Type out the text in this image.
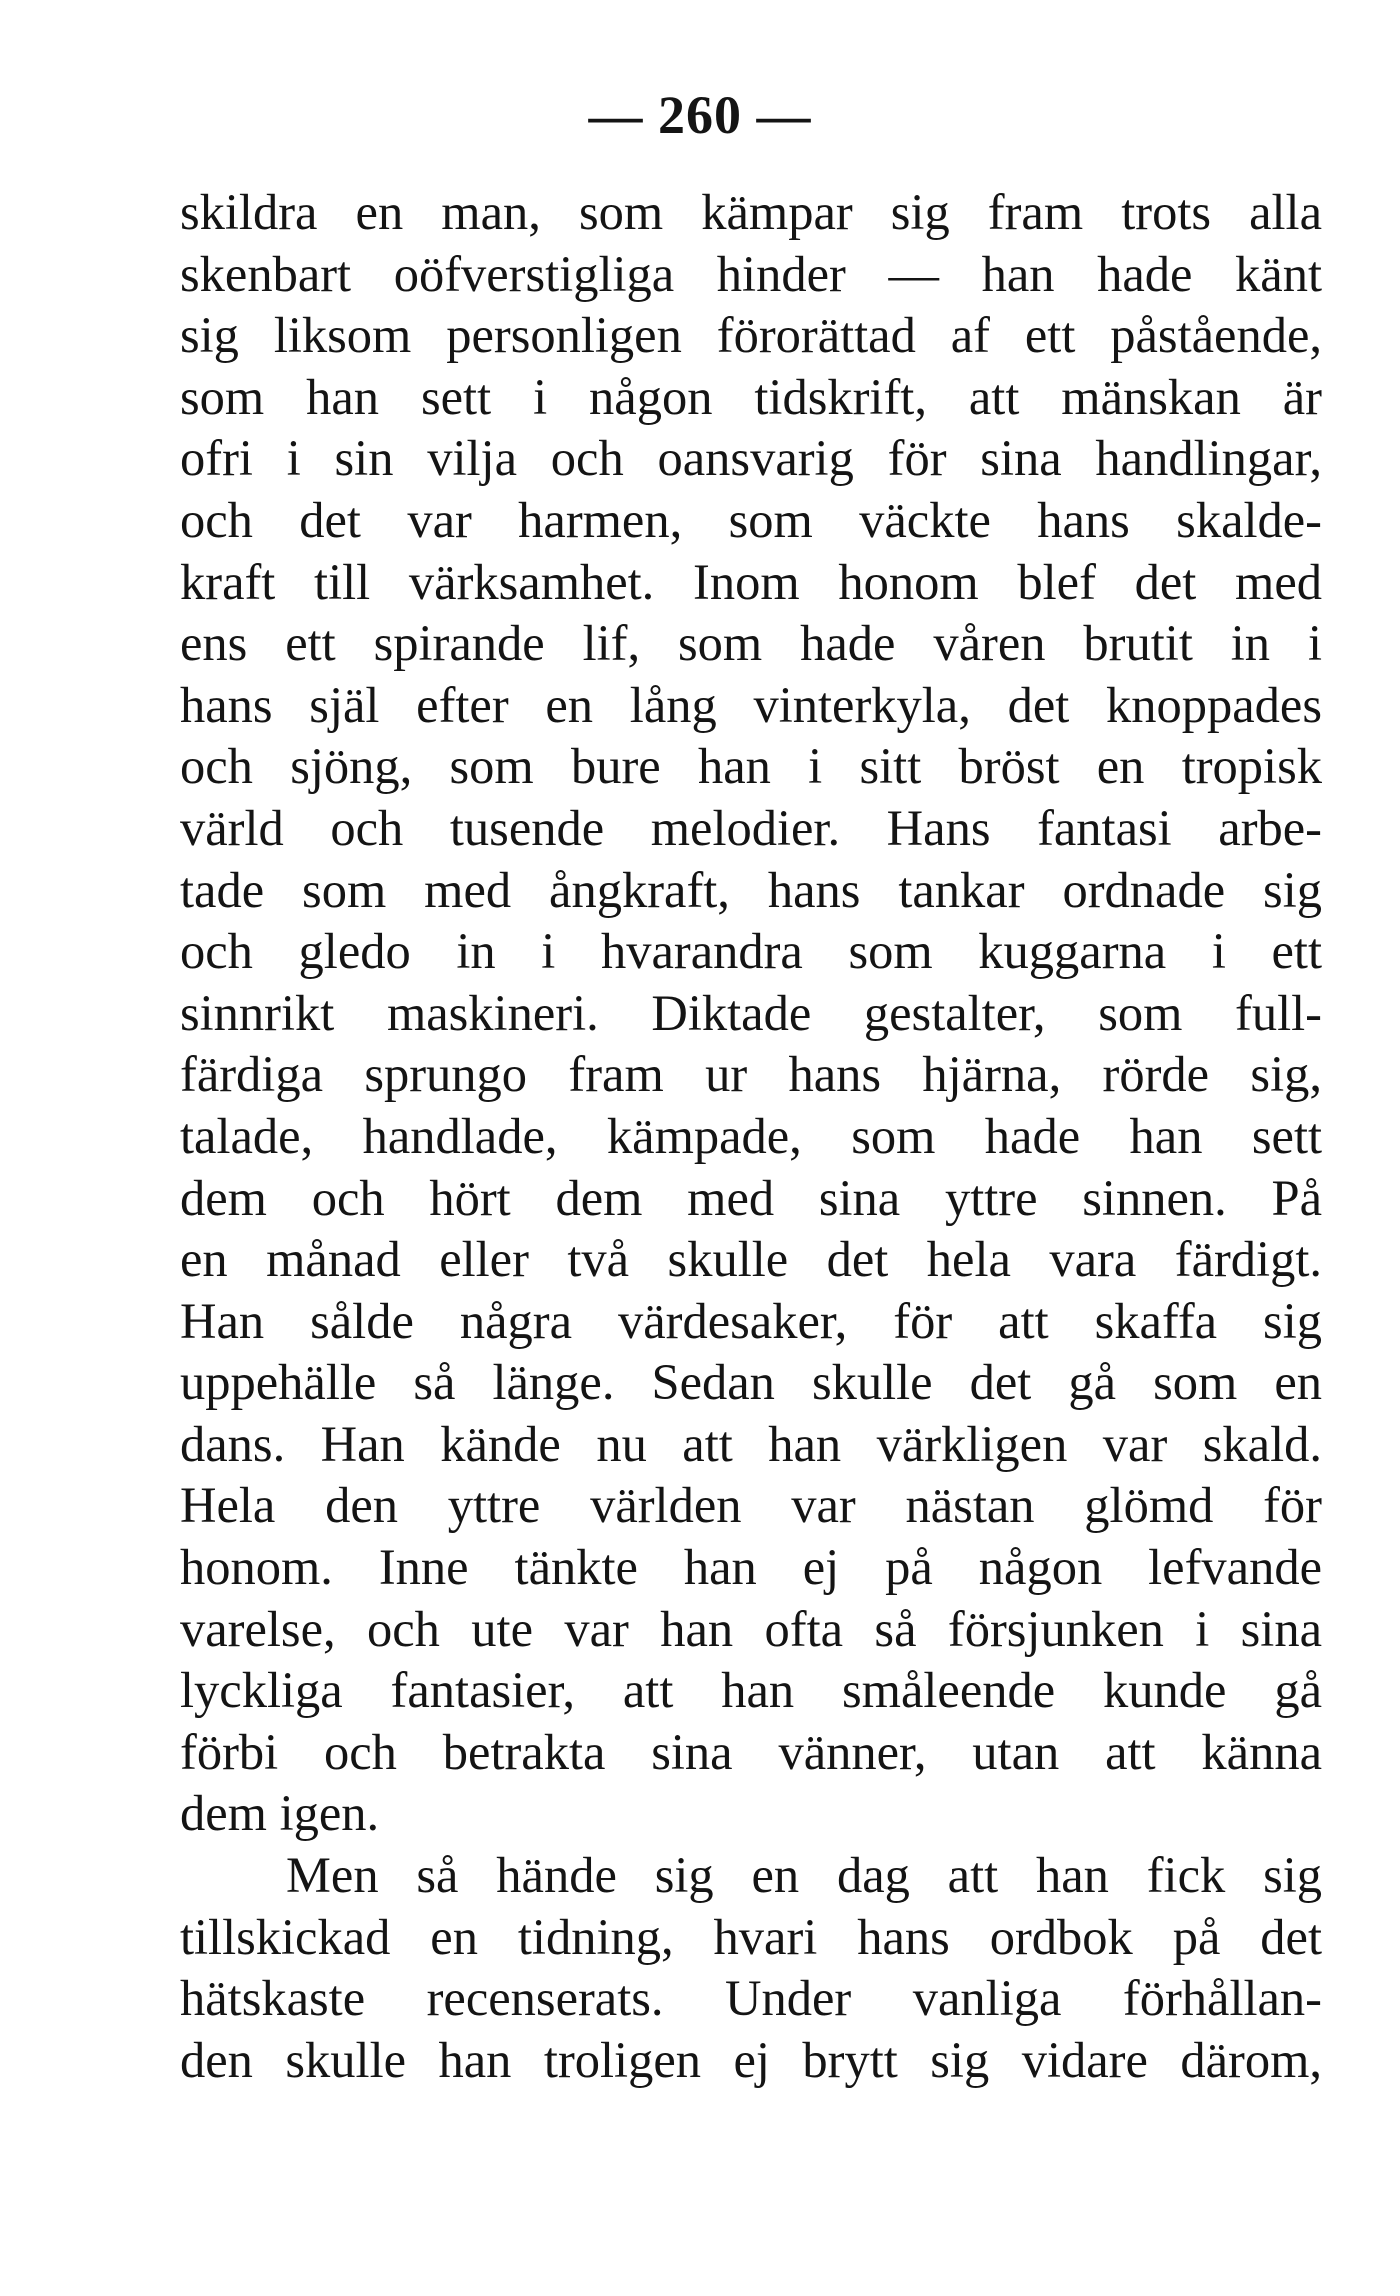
— 260 —
skildra en man, som kämpar sig fram trots alla
skenbart oöfverstigliga hinder — han hade känt
sig liksom personligen förorättad af ett påstående,
som han sett i någon tidskrift, att mänskan är
ofri i sin vilja och oansvarig för sina handlingar,
och det var harmen, som väckte hans skalde-
kraft till värksamhet. Inom honom blef det med
ens ett spirande lif, som hade våren brutit in i
hans själ efter en lång vinterkyla, det knoppades
och sjöng, som bure han i sitt bröst en tropisk
värld och tusende melodier. Hans fantasi arbe-
tade som med ångkraft, hans tankar ordnade sig
och gledo in i hvarandra som kuggarna i ett
sinnrikt maskineri. Diktade gestalter, som full-
färdiga sprungo fram ur hans hjärna, rörde sig,
talade, handlade, kämpade, som hade han sett
dem och hört dem med sina yttre sinnen. På
en månad eller två skulle det hela vara färdigt.
Han sålde några värdesaker, för att skaffa sig
uppehälle så länge. Sedan skulle det gå som en
dans. Han kände nu att han värkligen var skald.
Hela den yttre världen var nästan glömd för
honom. Inne tänkte han ej på någon lefvande
varelse, och ute var han ofta så försjunken i sina
lyckliga fantasier, att han småleende kunde gå
förbi och betrakta sina vänner, utan att känna
dem igen.
Men så hände sig en dag att han fick sig
tillskickad en tidning, hvari hans ordbok på det
hätskaste recenserats. Under vanliga förhållan-
den skulle han troligen ej brytt sig vidare därom,
